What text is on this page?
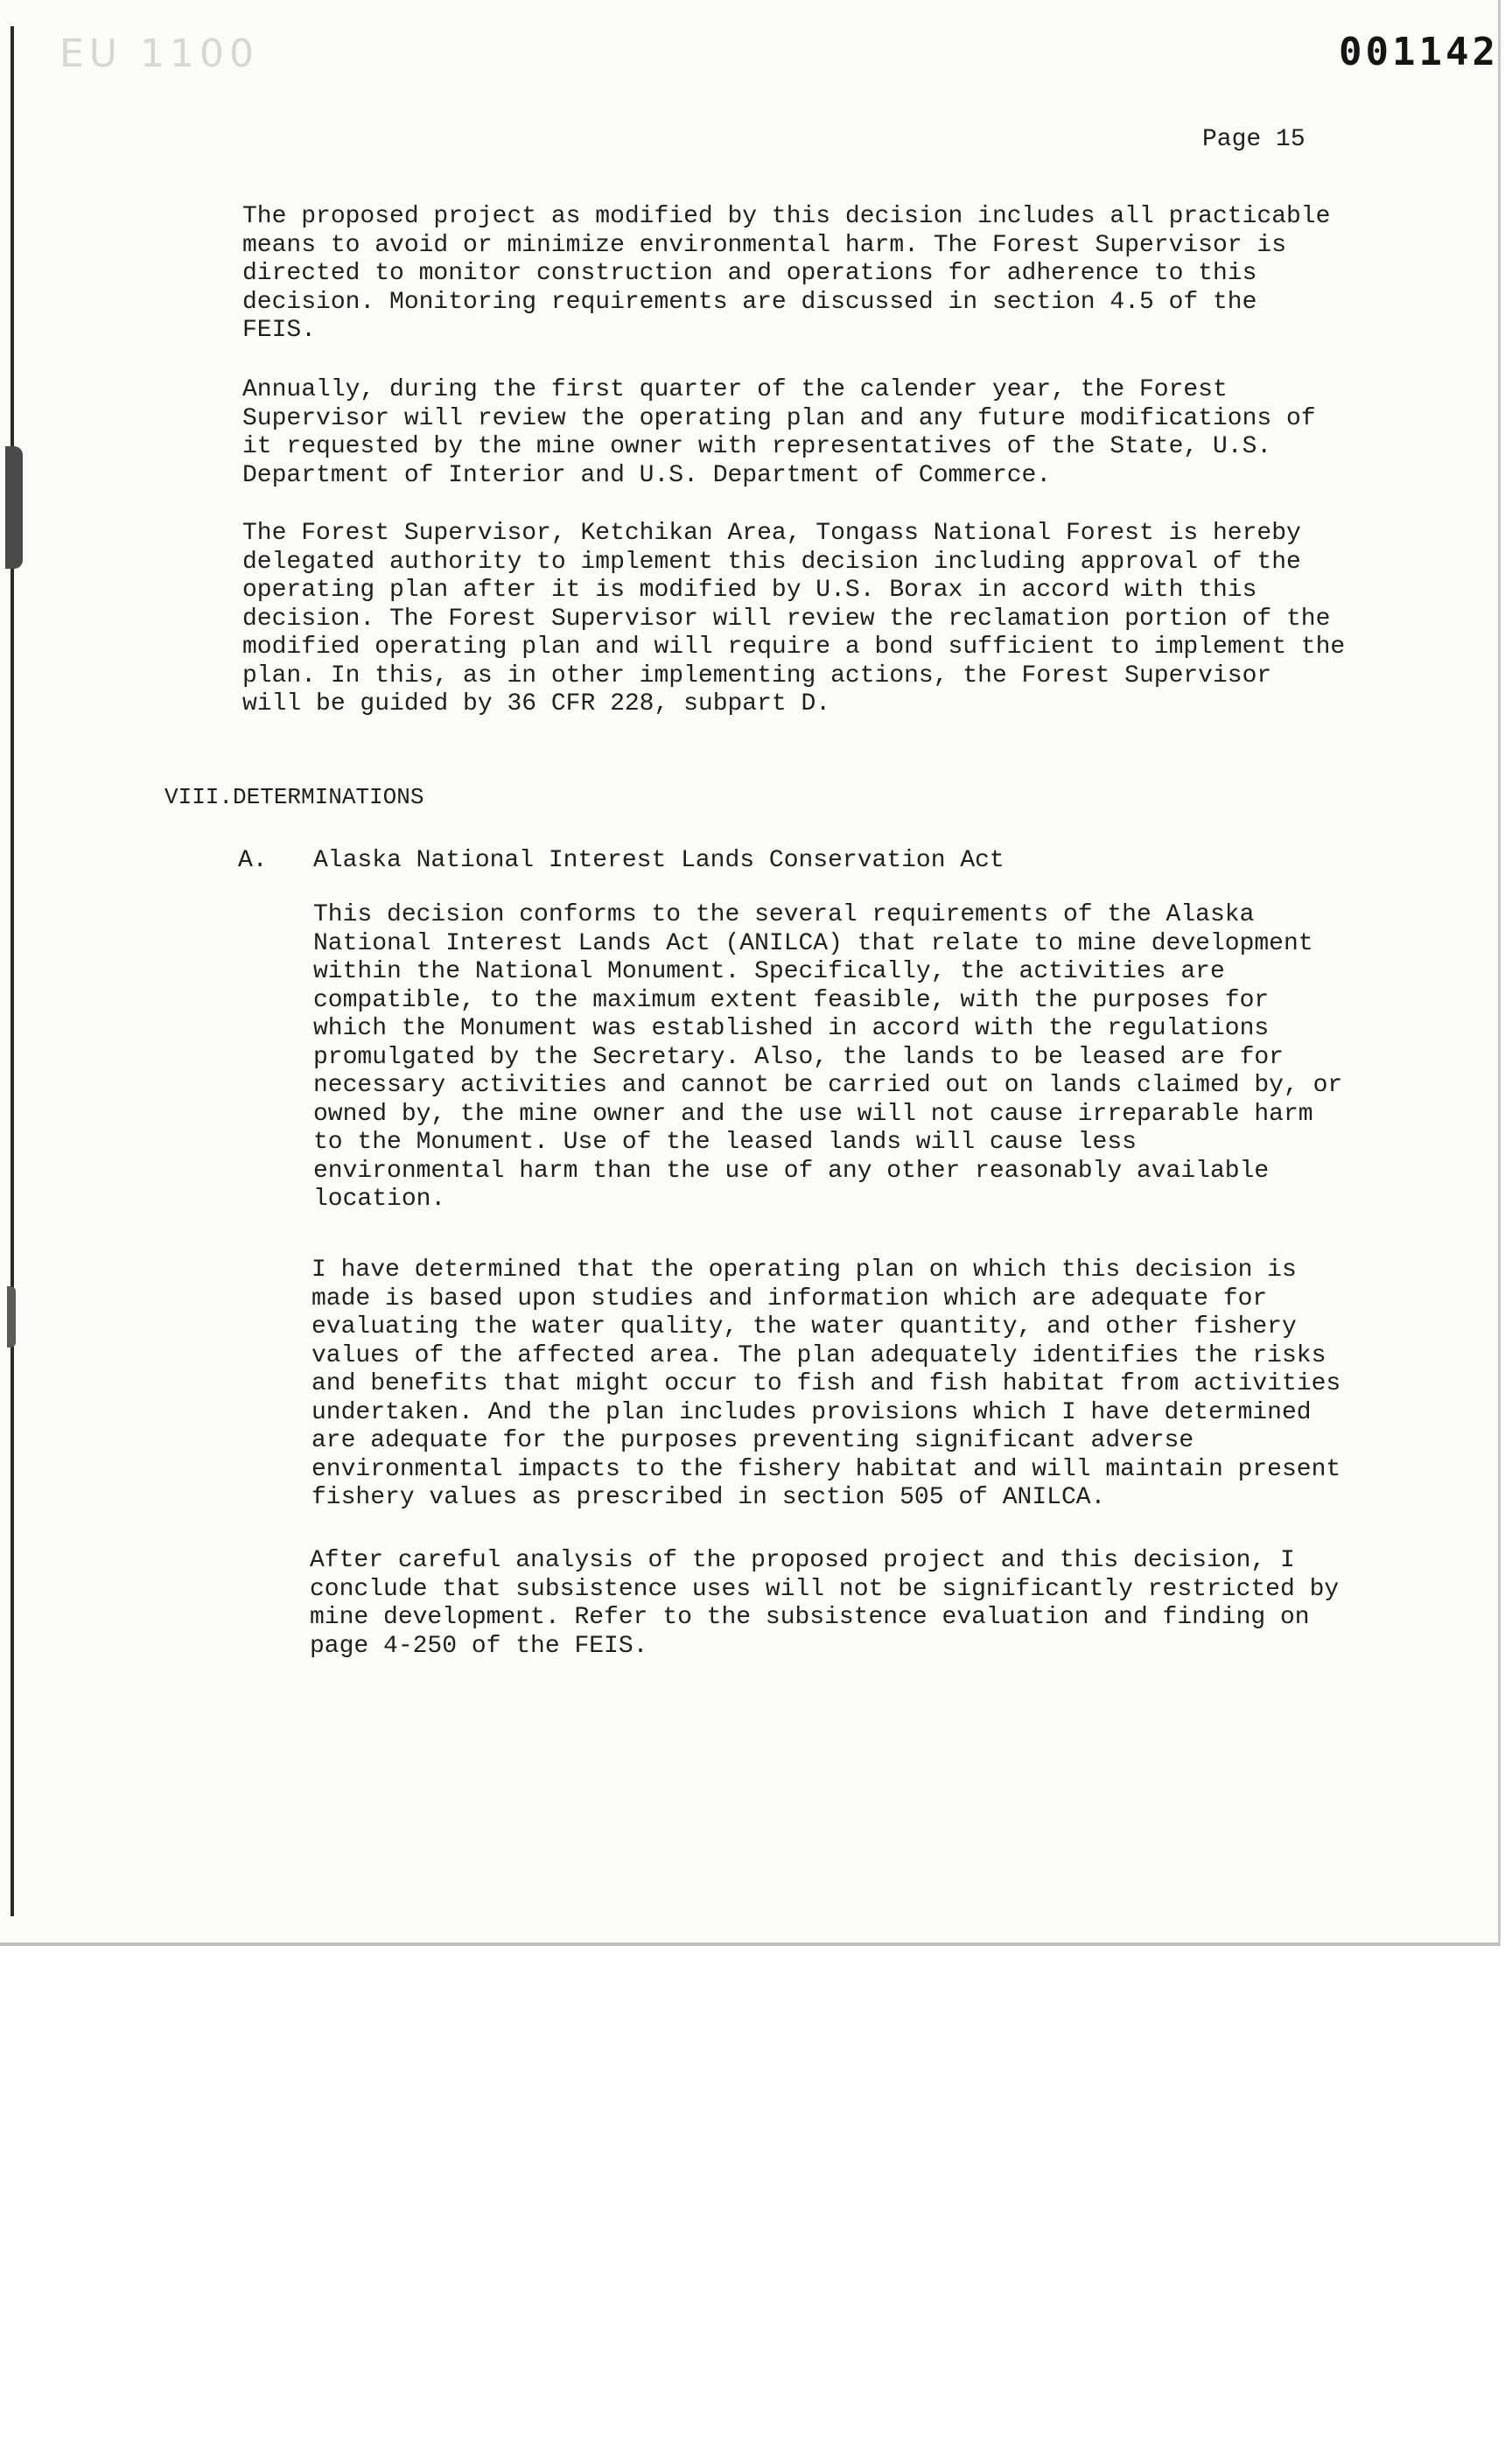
EU 1100	001142
Page 15
The proposed project as modified by this decision includes all practicable
means to avoid or minimize environmental harm. The Forest Supervisor is
directed to monitor construction and operations for adherence to this
decision. Monitoring requirements are discussed in section 4.5 of the
FEIS.
Annually, during the first quarter of the calender year, the Forest
Supervisor will review the operating plan and any future modifications of
it requested by the mine owner with representatives of the State, U.S.
Department of Interior and U.S. Department of Commerce.
The Forest Supervisor, Ketchikan Area, Tongass National Forest is hereby
delegated authority to implement this decision including approval of the
operating plan after it is modified by U.S. Borax in accord with this
decision. The Forest Supervisor will review the reclamation portion of the
modified operating plan and will require a bond sufficient to implement the
plan. In this, as in other implementing actions, the Forest Supervisor
will be guided by 36 CFR 228, subpart D.
VIII.DETERMINATIONS
A. Alaska National Interest Lands Conservation Act
This decision conforms to the several requirements of the Alaska
National Interest Lands Act (ANILCA) that relate to mine development
within the National Monument. Specifically, the activities are
compatible, to the maximum extent feasible, with the purposes for
which the Monument was established in accord with the regulations
promulgated by the Secretary. Also, the lands to be leased are for
necessary activities and cannot be carried out on lands claimed by, or
owned by, the mine owner and the use will not cause irreparable harm
to the Monument. Use of the leased lands will cause less
environmental harm than the use of any other reasonably available
location.
I have determined that the operating plan on which this decision is
made is based upon studies and information which are adequate for
evaluating the water quality, the water quantity, and other fishery
values of the affected area. The plan adequately identifies the risks
and benefits that might occur to fish and fish habitat from activities
undertaken. And the plan includes provisions which I have determined
are adequate for the purposes preventing significant adverse
environmental impacts to the fishery habitat and will maintain present
fishery values as prescribed in section 505 of ANILCA.
After careful analysis of the proposed project and this decision, I
conclude that subsistence uses will not be significantly restricted by
mine development. Refer to the subsistence evaluation and finding on
page 4-250 of the FEIS.
